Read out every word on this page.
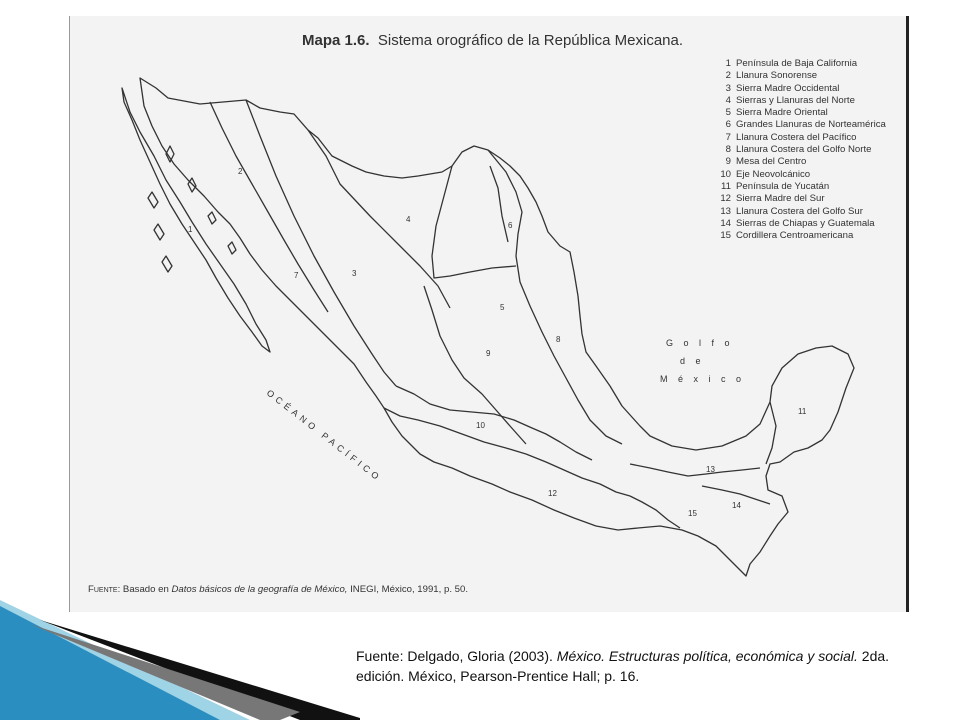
Mapa 1.6. Sistema orográfico de la República Mexicana.
1
2
3
4
5
6
7
8
9
10
11
12
13
14
15
G o l f o
d e
M é x i c o
OCÉANO PACÍFICO
1 Península de Baja California
2 Llanura Sonorense
3 Sierra Madre Occidental
4 Sierras y Llanuras del Norte
5 Sierra Madre Oriental
6 Grandes Llanuras de Norteamérica
7 Llanura Costera del Pacífico
8 Llanura Costera del Golfo Norte
9 Mesa del Centro
10 Eje Neovolcánico
11 Península de Yucatán
12 Sierra Madre del Sur
13 Llanura Costera del Golfo Sur
14 Sierras de Chiapas y Guatemala
15 Cordillera Centroamericana
Fuente: Basado en Datos básicos de la geografía de México, INEGI, México, 1991, p. 50.
Fuente: Delgado, Gloria (2003). México. Estructuras política, económica y social. 2da. edición. México, Pearson-Prentice Hall; p. 16.
